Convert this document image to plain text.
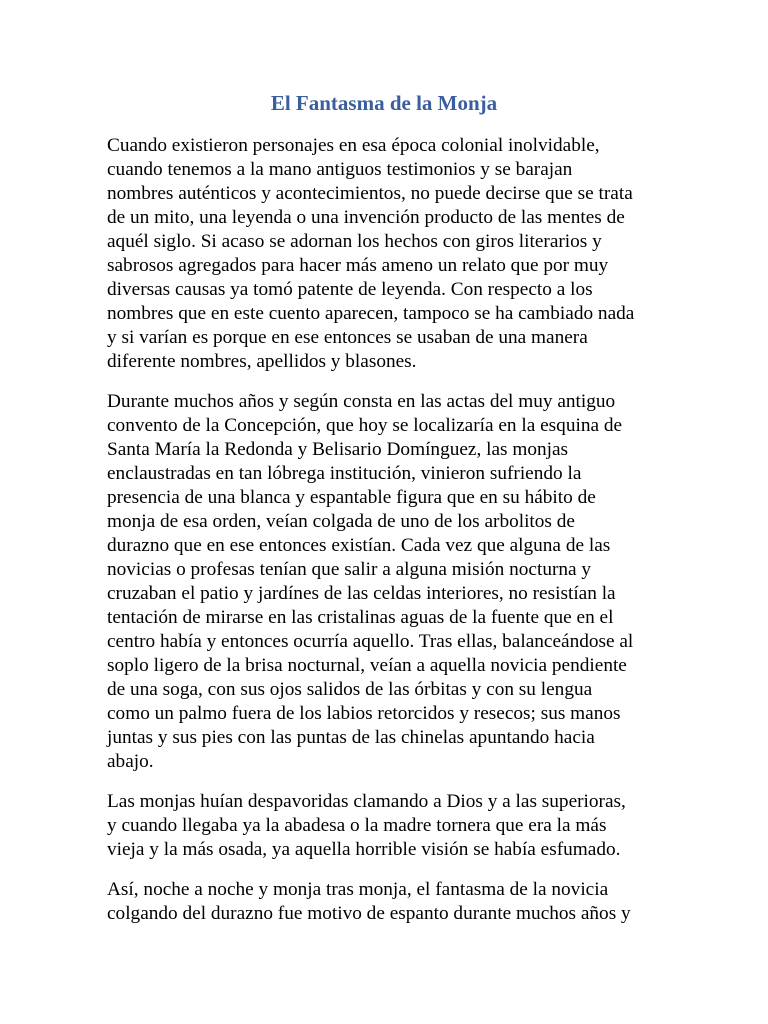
El Fantasma de la Monja
Cuando existieron personajes en esa época colonial inolvidable,
cuando tenemos a la mano antiguos testimonios y se barajan
nombres auténticos y acontecimientos, no puede decirse que se trata
de un mito, una leyenda o una invención producto de las mentes de
aquél siglo. Si acaso se adornan los hechos con giros literarios y
sabrosos agregados para hacer más ameno un relato que por muy
diversas causas ya tomó patente de leyenda. Con respecto a los
nombres que en este cuento aparecen, tampoco se ha cambiado nada
y si varían es porque en ese entonces se usaban de una manera
diferente nombres, apellidos y blasones.
Durante muchos años y según consta en las actas del muy antiguo
convento de la Concepción, que hoy se localizaría en la esquina de
Santa María la Redonda y Belisario Domínguez, las monjas
enclaustradas en tan lóbrega institución, vinieron sufriendo la
presencia de una blanca y espantable figura que en su hábito de
monja de esa orden, veían colgada de uno de los arbolitos de
durazno que en ese entonces existían. Cada vez que alguna de las
novicias o profesas tenían que salir a alguna misión nocturna y
cruzaban el patio y jardínes de las celdas interiores, no resistían la
tentación de mirarse en las cristalinas aguas de la fuente que en el
centro había y entonces ocurría aquello. Tras ellas, balanceándose al
soplo ligero de la brisa nocturnal, veían a aquella novicia pendiente
de una soga, con sus ojos salidos de las órbitas y con su lengua
como un palmo fuera de los labios retorcidos y resecos; sus manos
juntas y sus pies con las puntas de las chinelas apuntando hacia
abajo.
Las monjas huían despavoridas clamando a Dios y a las superioras,
y cuando llegaba ya la abadesa o la madre tornera que era la más
vieja y la más osada, ya aquella horrible visión se había esfumado.
Así, noche a noche y monja tras monja, el fantasma de la novicia
colgando del durazno fue motivo de espanto durante muchos años y
